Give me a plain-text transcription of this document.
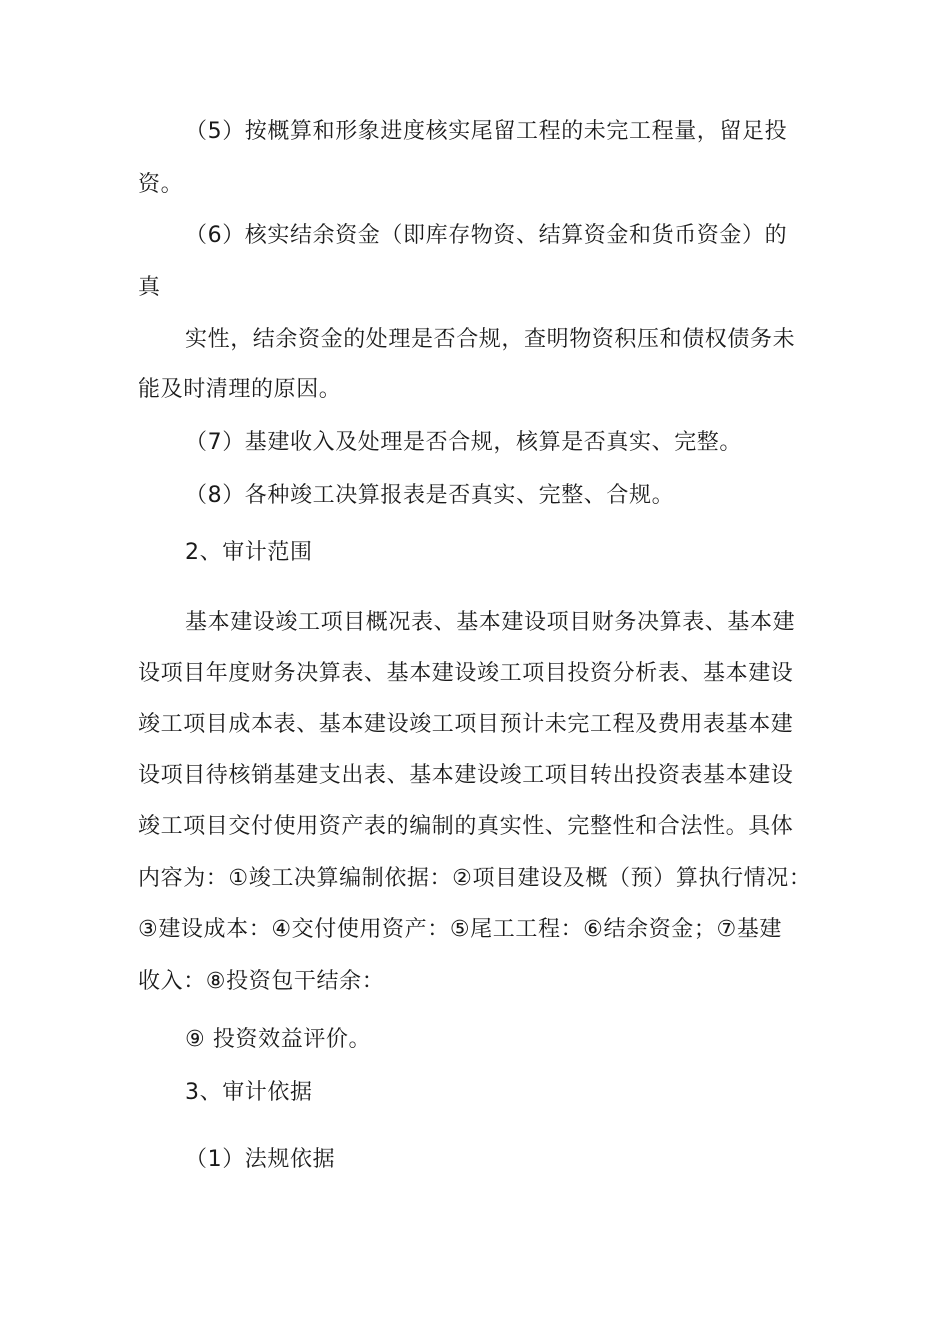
（5）按概算和形象进度核实尾留工程的未完工程量，留足投
资。
（6）核实结余资金（即库存物资、结算资金和货币资金）的
真
实性，结余资金的处理是否合规，查明物资积压和债权债务未
能及时清理的原因。
（7）基建收入及处理是否合规，核算是否真实、完整。
（8）各种竣工决算报表是否真实、完整、合规。
2、审计范围
基本建设竣工项目概况表、基本建设项目财务决算表、基本建
设项目年度财务决算表、基本建设竣工项目投资分析表、基本建设
竣工项目成本表、基本建设竣工项目预计未完工程及费用表基本建
设项目待核销基建支出表、基本建设竣工项目转出投资表基本建设
竣工项目交付使用资产表的编制的真实性、完整性和合法性。具体
内容为：①竣工决算编制依据：②项目建设及概（预）算执行情况：
③建设成本：④交付使用资产：⑤尾工工程：⑥结余资金；⑦基建
收入：⑧投资包干结余：
⑨ 投资效益评价。
3、审计依据
（1）法规依据
